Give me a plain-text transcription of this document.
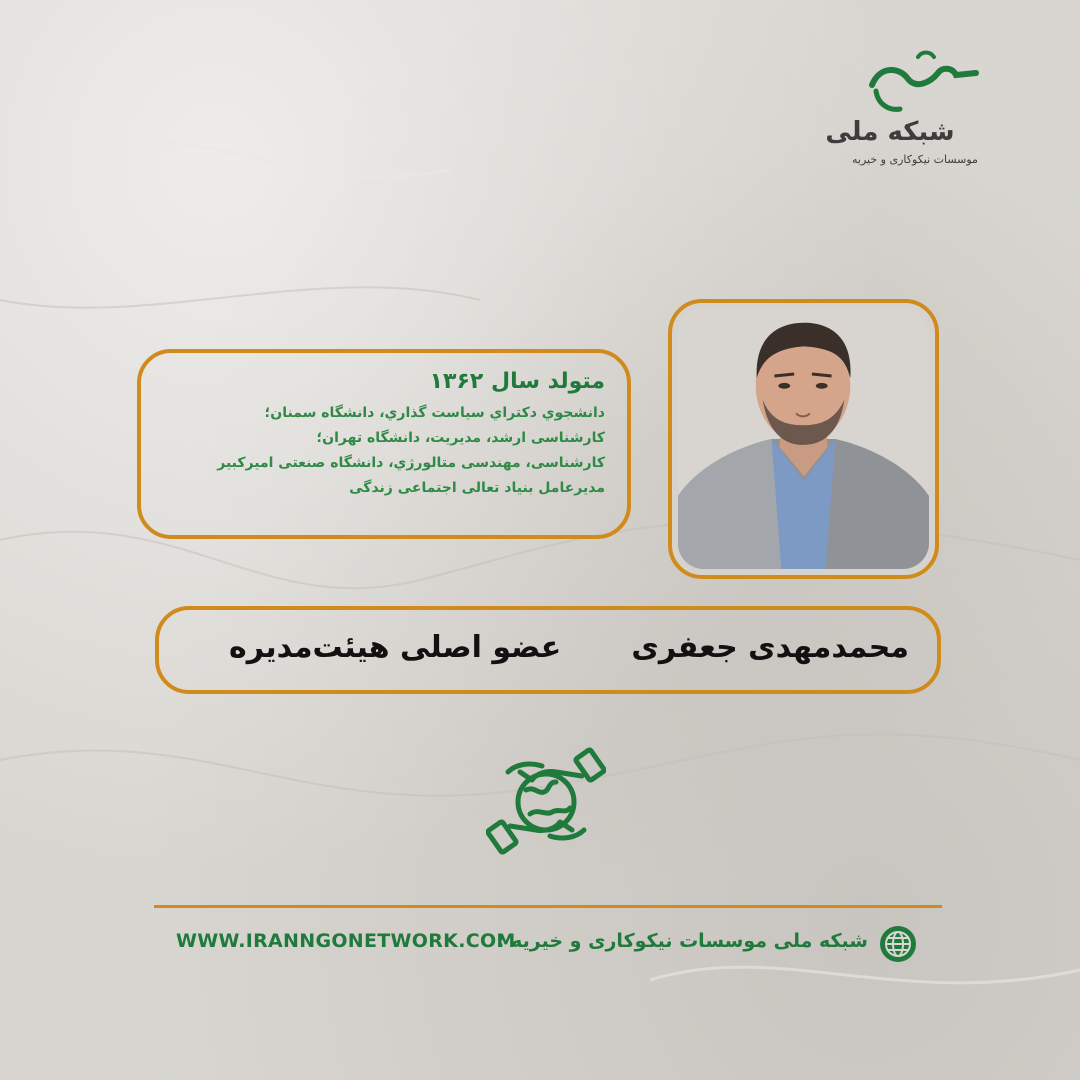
شبکه ملی
موسسات نیکوکاری و خیریه
متولد سال ۱۳۶۲
دانشجوي دكتراي سياست گذاري، دانشگاه سمنان؛
كارشناسی ارشد، مديريت، دانشگاه تهران؛
كارشناسی، مهندسی متالورژي، دانشگاه صنعتی اميركبير
مدیرعامل بنیاد تعالی اجتماعی زندگی
محمدمهدی جعفری
عضو اصلی هیئت‌مدیره
شبکه ملی موسسات نیکوکاری و خیریه :
WWW.IRANNGONETWORK.COM
